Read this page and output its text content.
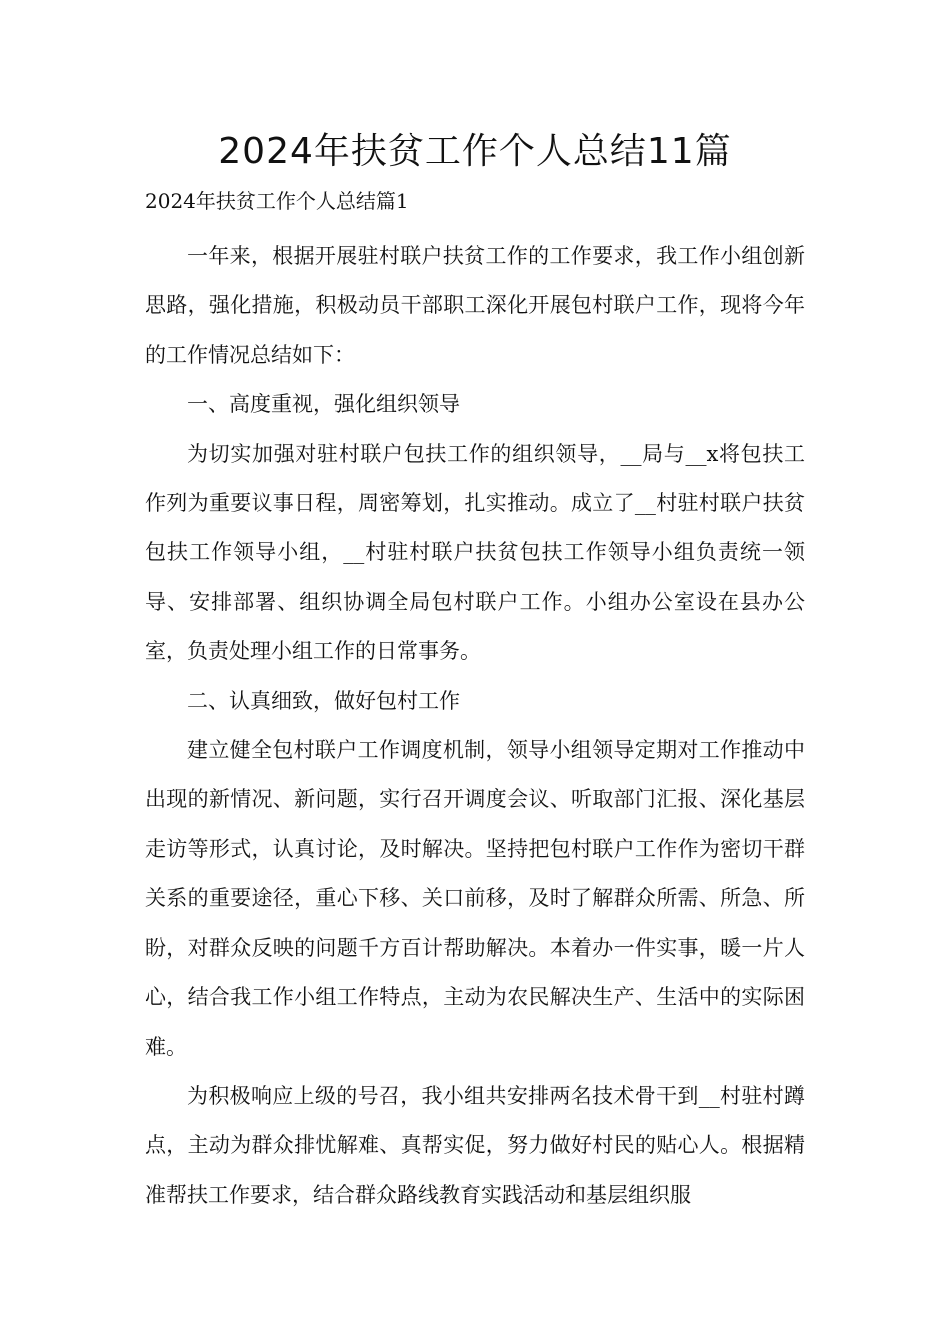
2024年扶贫工作个人总结11篇
2024年扶贫工作个人总结篇1

一年来，根据开展驻村联户扶贫工作的工作要求，我工作小组创新思路，强化措施，积极动员干部职工深化开展包村联户工作，现将今年的工作情况总结如下：

一、高度重视，强化组织领导

为切实加强对驻村联户包扶工作的组织领导，__局与__x将包扶工作列为重要议事日程，周密筹划，扎实推动。成立了__村驻村联户扶贫包扶工作领导小组，__村驻村联户扶贫包扶工作领导小组负责统一领导、安排部署、组织协调全局包村联户工作。小组办公室设在县办公室，负责处理小组工作的日常事务。

二、认真细致，做好包村工作

建立健全包村联户工作调度机制，领导小组领导定期对工作推动中出现的新情况、新问题，实行召开调度会议、听取部门汇报、深化基层走访等形式，认真讨论，及时解决。坚持把包村联户工作作为密切干群关系的重要途径，重心下移、关口前移，及时了解群众所需、所急、所盼，对群众反映的问题千方百计帮助解决。本着办一件实事，暖一片人心，结合我工作小组工作特点，主动为农民解决生产、生活中的实际困难。

为积极响应上级的号召，我小组共安排两名技术骨干到__村驻村蹲点，主动为群众排忧解难、真帮实促，努力做好村民的贴心人。根据精准帮扶工作要求，结合群众路线教育实践活动和基层组织服
